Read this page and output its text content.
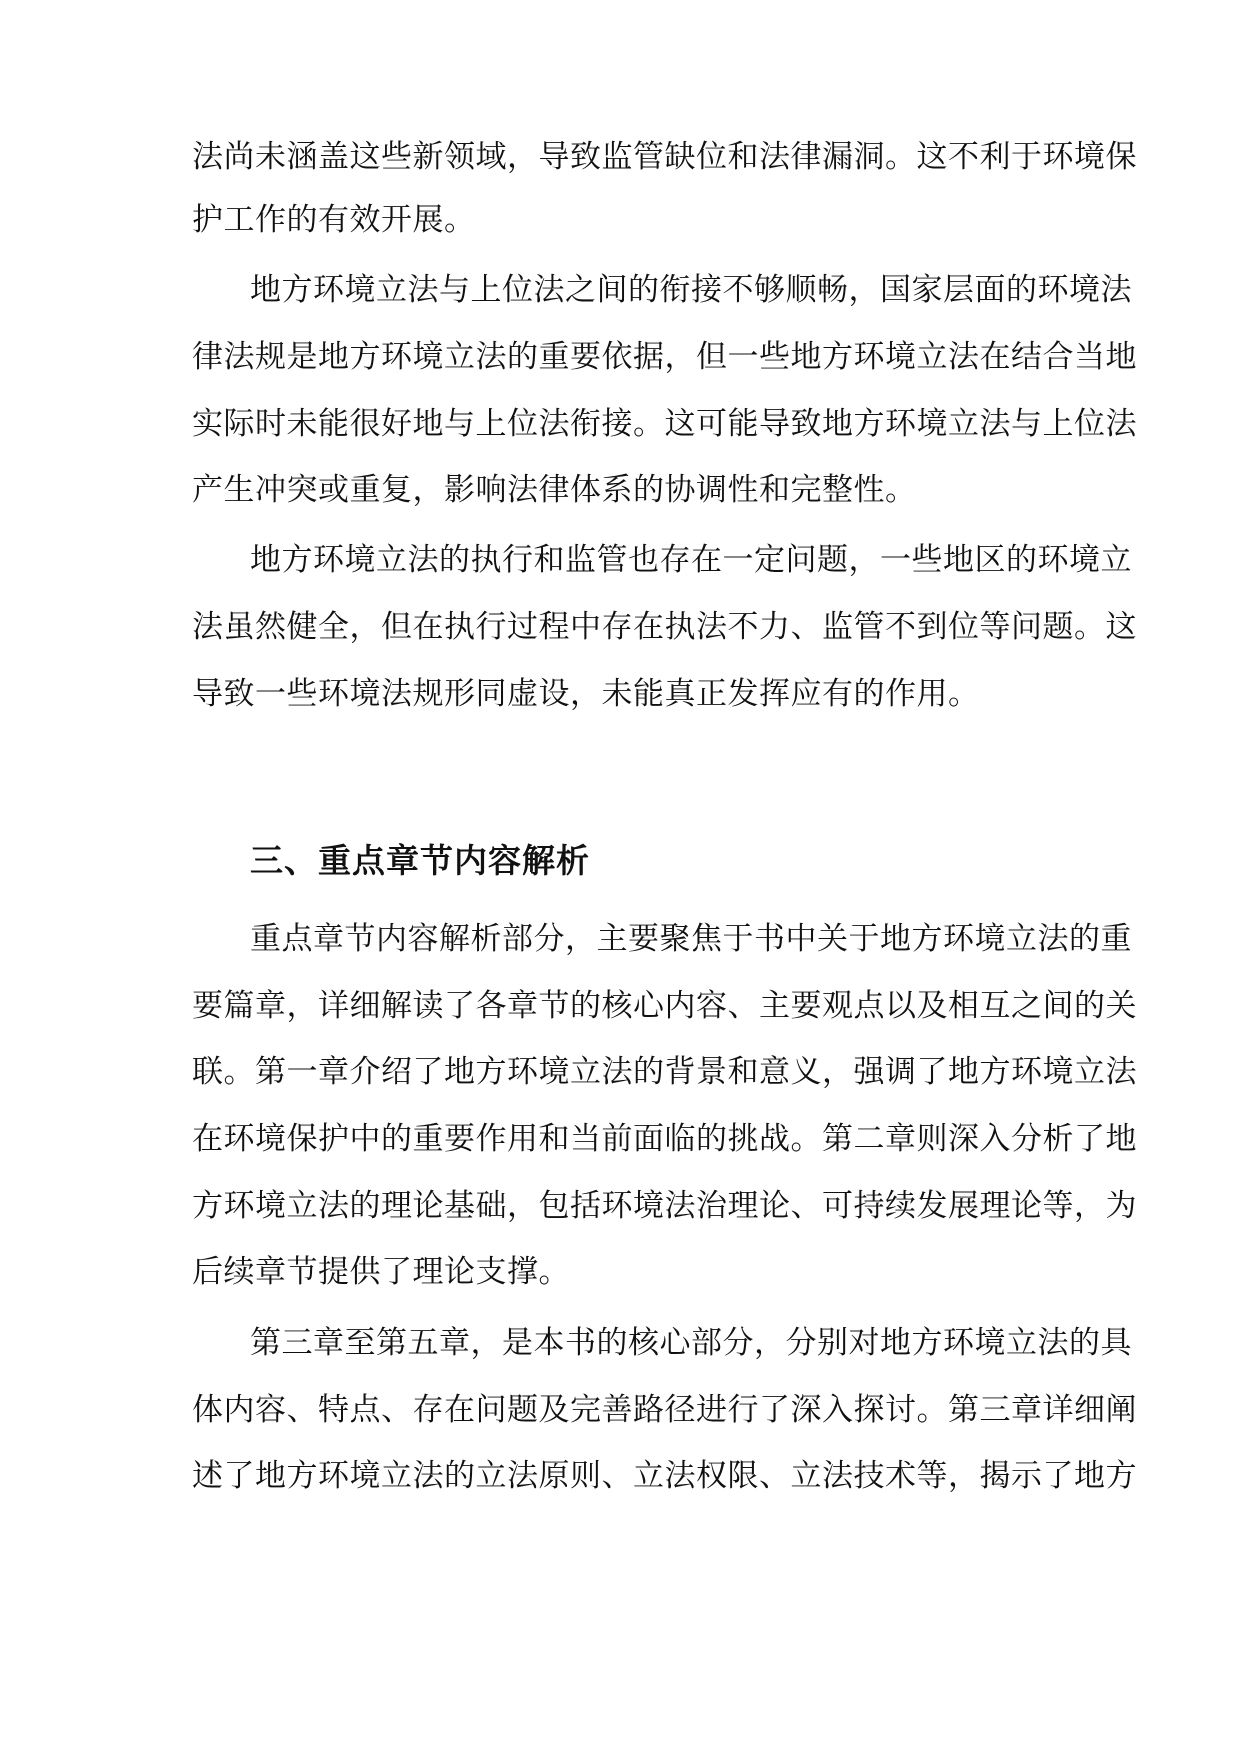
法尚未涵盖这些新领域，导致监管缺位和法律漏洞。这不利于环境保
护工作的有效开展。
地方环境立法与上位法之间的衔接不够顺畅，国家层面的环境法
律法规是地方环境立法的重要依据，但一些地方环境立法在结合当地
实际时未能很好地与上位法衔接。这可能导致地方环境立法与上位法
产生冲突或重复，影响法律体系的协调性和完整性。
地方环境立法的执行和监管也存在一定问题，一些地区的环境立
法虽然健全，但在执行过程中存在执法不力、监管不到位等问题。这
导致一些环境法规形同虚设，未能真正发挥应有的作用。
三、重点章节内容解析
重点章节内容解析部分，主要聚焦于书中关于地方环境立法的重
要篇章，详细解读了各章节的核心内容、主要观点以及相互之间的关
联。第一章介绍了地方环境立法的背景和意义，强调了地方环境立法
在环境保护中的重要作用和当前面临的挑战。第二章则深入分析了地
方环境立法的理论基础，包括环境法治理论、可持续发展理论等，为
后续章节提供了理论支撑。
第三章至第五章，是本书的核心部分，分别对地方环境立法的具
体内容、特点、存在问题及完善路径进行了深入探讨。第三章详细阐
述了地方环境立法的立法原则、立法权限、立法技术等，揭示了地方
